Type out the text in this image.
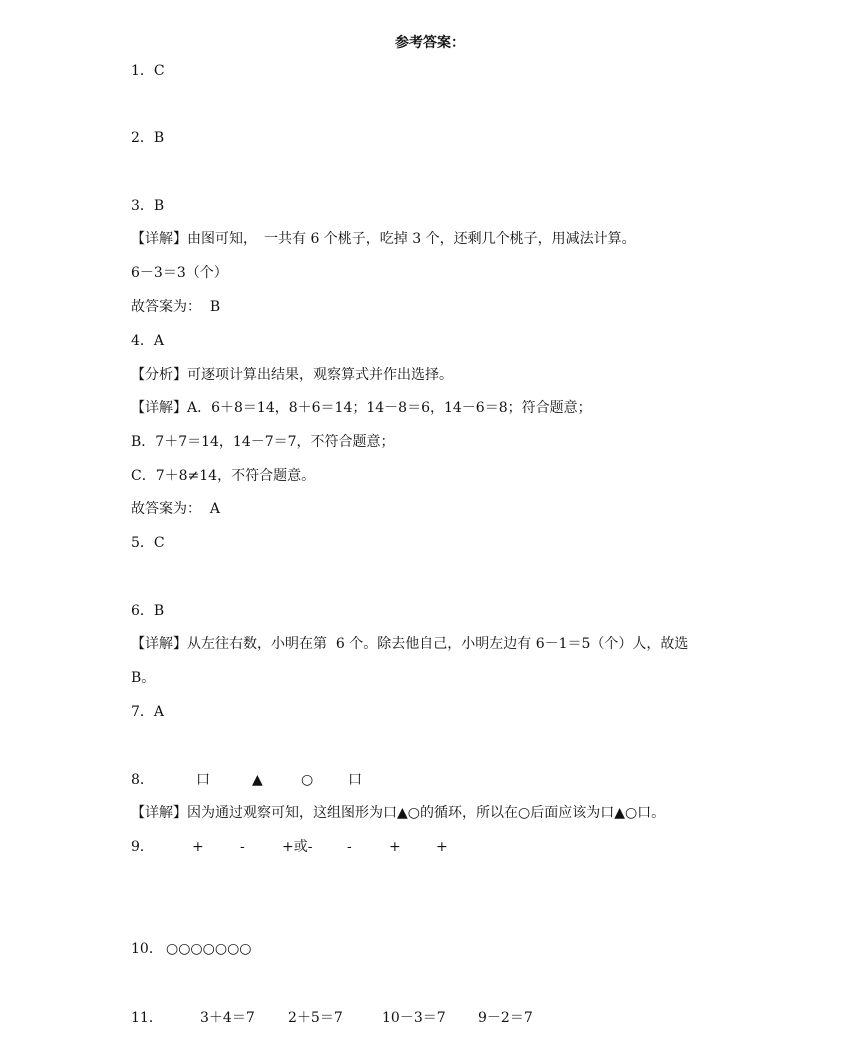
参考答案：
1．C
2．B
3．B
【详解】由图可知，　一共有 6 个桃子，吃掉 3 个，还剩几个桃子，用减法计算。
6－3＝3（个）
故答案为：  B
4．A
【分析】可逐项计算出结果，观察算式并作出选择。
【详解】A．6＋8＝14，8＋6＝14；14－8＝6，14－6＝8；符合题意；
B．7＋7＝14，14－7＝7，不符合题意；
C．7＋8≠14，不符合题意。
故答案为：  A
5．C
6．B
【详解】从左往右数，小明在第  6 个。除去他自己，小明左边有 6－1＝5（个）人，故选
B。
7．A
8．	口	▲	○ 口
【详解】因为通过观察可知，这组图形为口▲○的循环，所以在○后面应该为口▲○口。
9．	+	-	+或- -	+	+
10． ○○○○○○○
11．	3＋4＝7 2＋5＝7	10－3＝7 9－2＝7
